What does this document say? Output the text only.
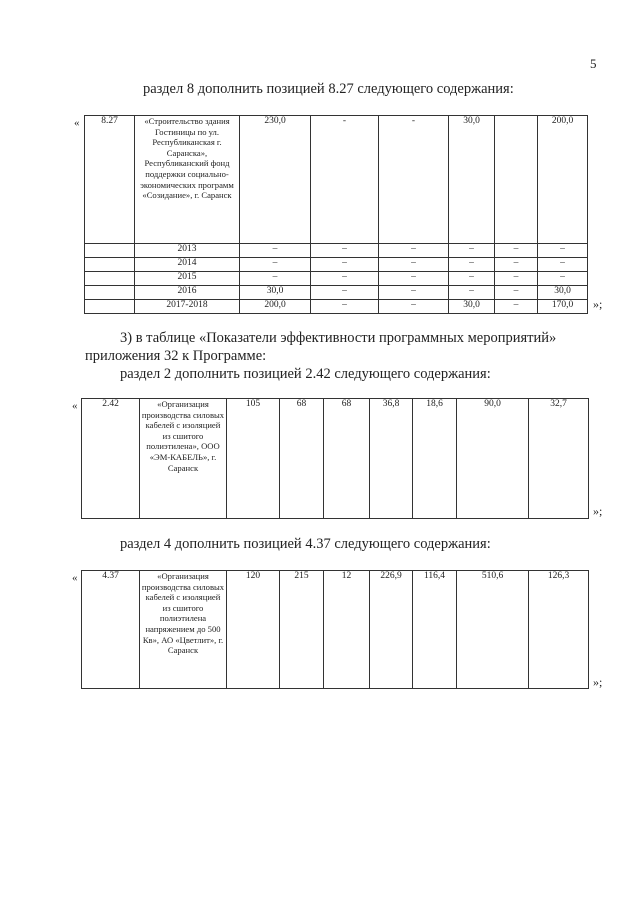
5
раздел 8 дополнить позицией 8.27 следующего содержания:
« 8.27	«Строительство здания Гостиницы по ул. Республиканская г. Саранска», Республиканский фонд поддержки социально-экономических программ «Созидание», г. Саранск	230,0	-	-	30,0		200,0
	2013	–	–	–	–	–	–
	2014	–	–	–	–	–	–
	2015	–	–	–	–	–	–
	2016	30,0	–	–	–	–	30,0
	2017-2018	200,0	–	–	30,0	–	170,0 »;
3) в таблице «Показатели эффективности программных мероприятий»
приложения 32 к Программе:
раздел 2 дополнить позицией 2.42 следующего содержания:
«	2.42	«Организация производства силовых кабелей с изоляцией из сшитого полиэтилена», ООО «ЭМ-КАБЕЛЬ», г. Саранск	105	68	68	36,8	18,6	90,0	32,7
»;
раздел 4 дополнить позицией 4.37 следующего содержания:
«	4.37	«Организация производства силовых кабелей с изоляцией из сшитого полиэтилена напряжением до 500 Кв», АО «Цветлит», г. Саранск	120	215	12	226,9	116,4	510,6	126,3
»;
